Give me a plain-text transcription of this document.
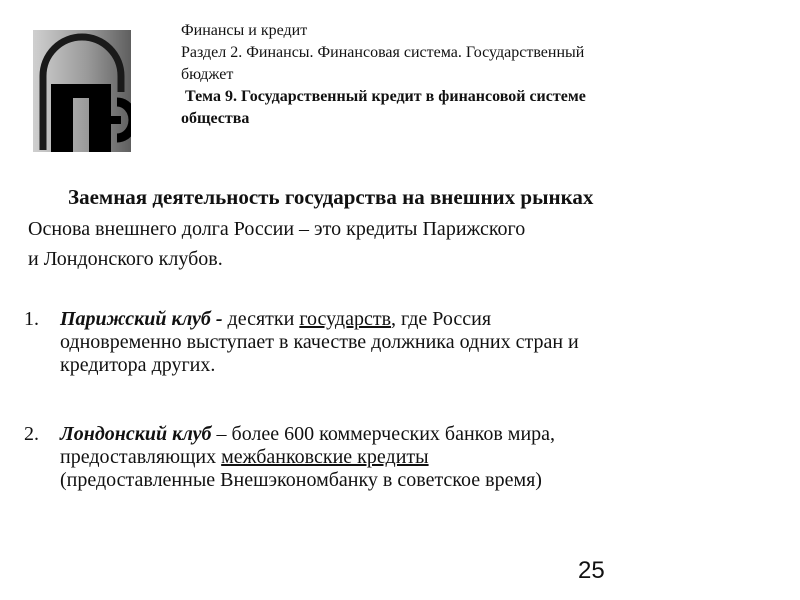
Финансы и кредит
Раздел 2. Финансы. Финансовая система. Государственный
бюджет
Тема 9. Государственный кредит в финансовой системе
общества
Заемная деятельность государства на внешних рынках
Основа внешнего долга России – это кредиты Парижского
и Лондонского клубов.
1. Парижский клуб - десятки государств, где Россия
одновременно выступает в качестве должника одних стран и
кредитора других.
2. Лондонский клуб – более 600 коммерческих банков мира,
предоставляющих межбанковские кредиты
(предоставленные Внешэкономбанку в советское время)
25
